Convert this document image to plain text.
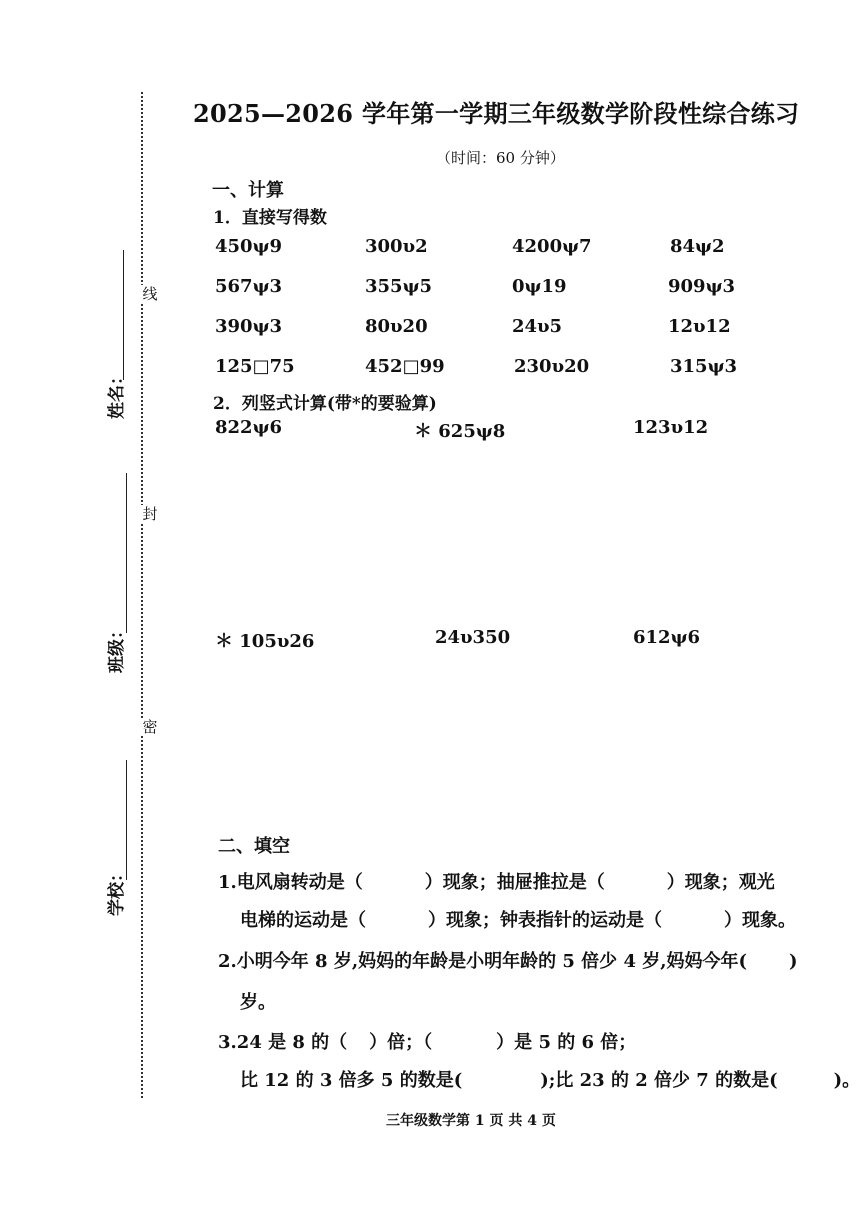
线
封
密
姓名：
班级：
学校：
2025—2026 学年第一学期三年级数学阶段性综合练习
（时间：60 分钟）
一、计算
1．直接写得数
450ψ9	300υ2	4200ψ7	84ψ2
567ψ3	355ψ5	0ψ19	909ψ3
390ψ3	80υ20	24υ5	12υ12
125□75	452□99	230υ20	315ψ3
2．列竖式计算(带*的要验算)
822ψ6	＊ 625ψ8	123υ12
＊ 105υ26	24υ350	612ψ6
二、填空
1.电风扇转动是（	）现象；抽屉推拉是（	）现象；观光
电梯的运动是（	）现象；钟表指针的运动是（	）现象。
2.小明今年 8 岁,妈妈的年龄是小明年龄的 5 倍少 4 岁,妈妈今年( )
岁。
3.24 是 8 的（ ）倍；（	）是 5 的 6 倍；
比 12 的 3 倍多 5 的数是(	);比 23 的 2 倍少 7 的数是(	)。
三年级数学第 1 页 共 4 页
